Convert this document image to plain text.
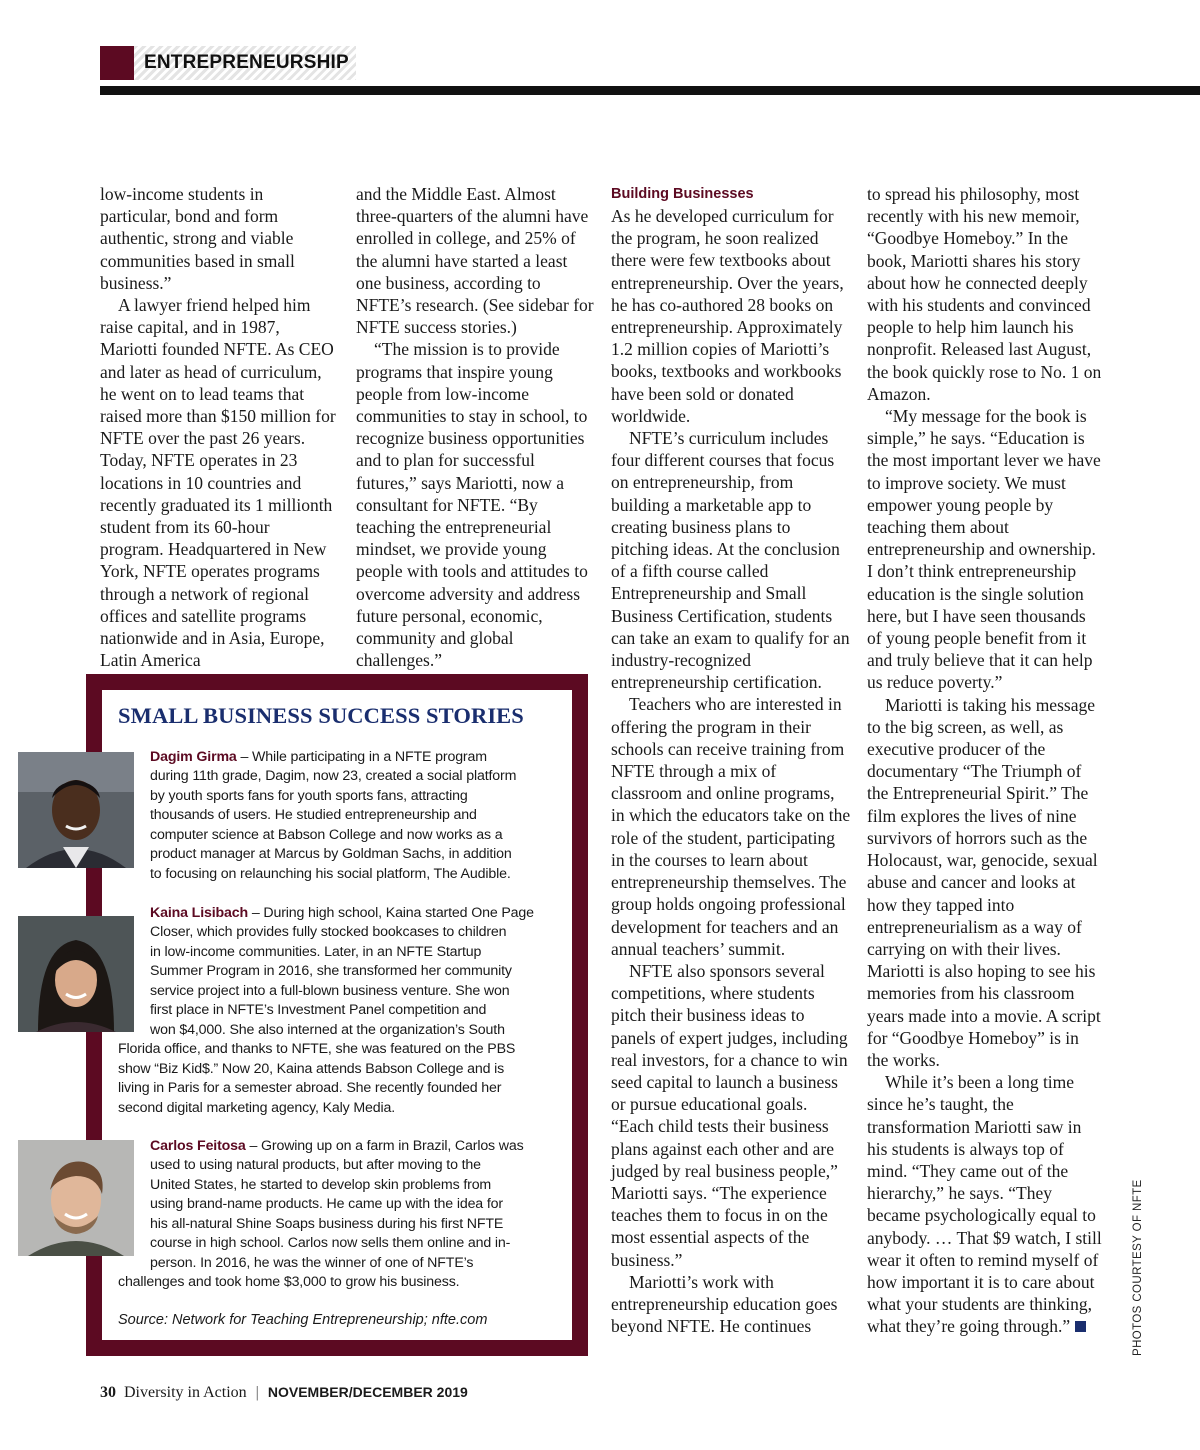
ENTREPRENEURSHIP

low-income students in particular, bond and form authentic, strong and viable communities based in small business.”

A lawyer friend helped him raise capital, and in 1987, Mariotti founded NFTE. As CEO and later as head of curriculum, he went on to lead teams that raised more than $150 million for NFTE over the past 26 years. Today, NFTE operates in 23 locations in 10 countries and recently graduated its 1 millionth student from its 60-hour program. Headquartered in New York, NFTE operates programs through a network of regional offices and satellite programs nationwide and in Asia, Europe, Latin America

and the Middle East. Almost three-quarters of the alumni have enrolled in college, and 25% of the alumni have started a least one business, according to NFTE’s research. (See sidebar for NFTE success stories.)

“The mission is to provide programs that inspire young people from low-income communities to stay in school, to recognize business opportunities and to plan for successful futures,” says Mariotti, now a consultant for NFTE. “By teaching the entrepreneurial mindset, we provide young people with tools and attitudes to overcome adversity and address future personal, economic, community and global challenges.”

Building Businesses

As he developed curriculum for the program, he soon realized there were few textbooks about entrepreneurship. Over the years, he has co-authored 28 books on entrepreneurship. Approximately 1.2 million copies of Mariotti’s books, textbooks and workbooks have been sold or donated worldwide.

NFTE’s curriculum includes four different courses that focus on entrepreneurship, from building a marketable app to creating business plans to pitching ideas. At the conclusion of a fifth course called Entrepreneurship and Small Business Certification, students can take an exam to qualify for an industry-recognized entrepreneurship certification.

Teachers who are interested in offering the program in their schools can receive training from NFTE through a mix of classroom and online programs, in which the educators take on the role of the student, participating in the courses to learn about entrepreneurship themselves. The group holds ongoing professional development for teachers and an annual teachers’ summit.

NFTE also sponsors several competitions, where students pitch their business ideas to panels of expert judges, including real investors, for a chance to win seed capital to launch a business or pursue educational goals. “Each child tests their business plans against each other and are judged by real business people,” Mariotti says. “The experience teaches them to focus in on the most essential aspects of the business.”

Mariotti’s work with entrepreneurship education goes beyond NFTE. He continues

to spread his philosophy, most recently with his new memoir, “Goodbye Homeboy.” In the book, Mariotti shares his story about how he connected deeply with his students and convinced people to help him launch his nonprofit. Released last August, the book quickly rose to No. 1 on Amazon.

“My message for the book is simple,” he says. “Education is the most important lever we have to improve society. We must empower young people by teaching them about entrepreneurship and ownership. I don’t think entrepreneurship education is the single solution here, but I have seen thousands of young people benefit from it and truly believe that it can help us reduce poverty.”

Mariotti is taking his message to the big screen, as well, as executive producer of the documentary “The Triumph of the Entrepreneurial Spirit.” The film explores the lives of nine survivors of horrors such as the Holocaust, war, genocide, sexual abuse and cancer and looks at how they tapped into entrepreneurialism as a way of carrying on with their lives. Mariotti is also hoping to see his memories from his classroom years made into a movie. A script for “Goodbye Homeboy” is in the works.

While it’s been a long time since he’s taught, the transformation Mariotti saw in his students is always top of mind. “They came out of the hierarchy,” he says. “They became psychologically equal to anybody. … That $9 watch, I still wear it often to remind myself of how important it is to care about what your students are thinking, what they’re going through.”

SMALL BUSINESS SUCCESS STORIES
Dagim Girma – While participating in a NFTE program
during 11th grade, Dagim, now 23, created a social platform
by youth sports fans for youth sports fans, attracting
thousands of users. He studied entrepreneurship and
computer science at Babson College and now works as a
product manager at Marcus by Goldman Sachs, in addition
to focusing on relaunching his social platform, The Audible.
Kaina Lisibach – During high school, Kaina started One Page
Closer, which provides fully stocked bookcases to children
in low-income communities. Later, in an NFTE Startup
Summer Program in 2016, she transformed her community
service project into a full-blown business venture. She won
first place in NFTE’s Investment Panel competition and
won $4,000. She also interned at the organization’s South
Florida office, and thanks to NFTE, she was featured on the PBS
show “Biz Kid$.” Now 20, Kaina attends Babson College and is
living in Paris for a semester abroad. She recently founded her
second digital marketing agency, Kaly Media.
Carlos Feitosa – Growing up on a farm in Brazil, Carlos was
used to using natural products, but after moving to the
United States, he started to develop skin problems from
using brand-name products. He came up with the idea for
his all-natural Shine Soaps business during his first NFTE
course in high school. Carlos now sells them online and in-
person. In 2016, he was the winner of one of NFTE’s
challenges and took home $3,000 to grow his business.
Source: Network for Teaching Entrepreneurship; nfte.com	PHOTOS COURTESY OF NFTE
30 Diversity in Action | NOVEMBER/DECEMBER 2019
